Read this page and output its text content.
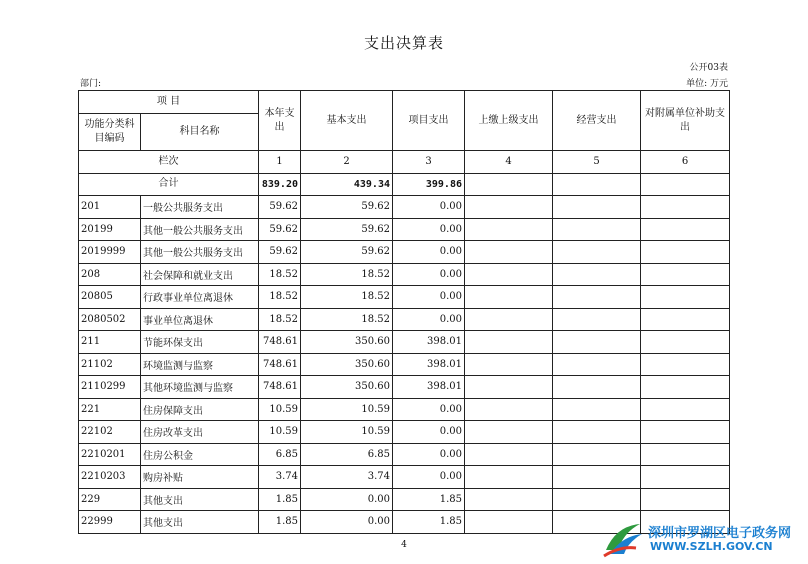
支出决算表
公开03表
部门:	单位: 万元
项 目		本年支出	基本支出	项目支出	上缴上级支出	经营支出	对附属单位补助支出
功能分类科目编码	科目名称						
栏次		1	2	3	4	5	6
合计		839.20	439.34	399.86			
201	一般公共服务支出	59.62	59.62	0.00			
20199	其他一般公共服务支出	59.62	59.62	0.00			
2019999	其他一般公共服务支出	59.62	59.62	0.00			
208	社会保障和就业支出	18.52	18.52	0.00			
20805	行政事业单位离退休	18.52	18.52	0.00			
2080502	事业单位离退休	18.52	18.52	0.00			
211	节能环保支出	748.61	350.60	398.01			
21102	环境监测与监察	748.61	350.60	398.01			
2110299	其他环境监测与监察	748.61	350.60	398.01			
221	住房保障支出	10.59	10.59	0.00			
22102	住房改革支出	10.59	10.59	0.00			
2210201	住房公积金	6.85	6.85	0.00			
2210203	购房补贴	3.74	3.74	0.00			
229	其他支出	1.85	0.00	1.85			
22999	其他支出	1.85	0.00	1.85			
4
深圳市罗湖区电子政务网
WWW.SZLH.GOV.CN
